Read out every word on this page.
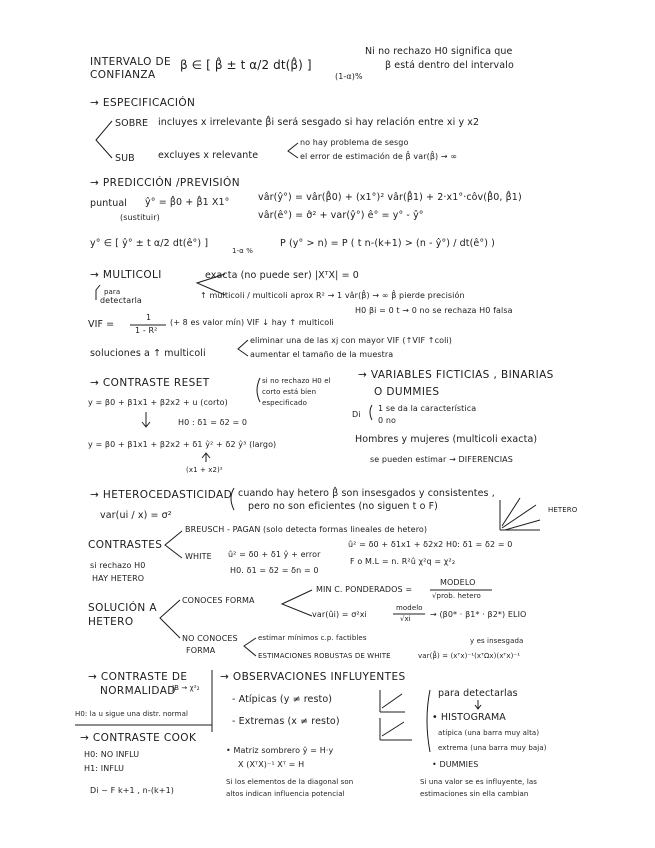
INTERVALO DE
CONFIANZA
β ∈ [ β̂ ± t α/2 dt(β̂) ]
(1-α)%
Ni no rechazo H0 significa que
β está dentro del intervalo
→ ESPECIFICACIÓN
SOBRE incluyes x irrelevante β̂i será sesgado si hay relación entre xi y x2
SUB excluyes x relevante
no hay problema de sesgo
el error de estimación de β̂ var(β̂) → ∞
→ PREDICCIÓN /PREVISIÓN
puntual ŷ° = β̂0 + β̂1 X1°
(sustituir)
vâr(ŷ°) = vâr(β̂0) + (x1°)² vâr(β̂1) + 2·x1°·côv(β̂0, β̂1)
vâr(ê°) = σ̂² + var(ŷ°) ê° = y° - ŷ°
y° ∈ [ ŷ° ± t α/2 dt(ê°) ]
1-α %
P (y° > n) = P ( t n-(k+1) > (n - ŷ°) / dt(ê°) )
→ MULTICOLI	exacta (no puede ser) |XᵀX| = 0
para
detectarla
↑ multicoli / multicoli aprox R² → 1 vâr(β̂) → ∞ β̂ pierde precisión
H0 βi = 0 t → 0 no se rechaza H0 falsa
VIF =
1
1 - R²
(+ 8 es valor mín) VIF ↓ hay ↑ multicoli
soluciones a ↑ multicoli
eliminar una de las xj con mayor VIF (↑VIF ↑coli)
aumentar el tamaño de la muestra
→ CONTRASTE RESET
y = β0 + β1x1 + β2x2 + u (corto)
si no rechazo H0 el
corto está bien
especificado
H0 : δ1 = δ2 = 0
y = β0 + β1x1 + β2x2 + δ1 ŷ² + δ2 ŷ³ (largo)
(x1 + x2)²
→ VARIABLES FICTICIAS , BINARIAS
O DUMMIES
Di
1 se da la característica
0 no
Hombres y mujeres (multicoli exacta)
se pueden estimar → DIFERENCIAS
→ HETEROCEDASTICIDAD cuando hay hetero β̂ son insesgados y consistentes ,
pero no son eficientes (no siguen t o F)
var(ui / x) = σ²	HETERO
CONTRASTES
BREUSCH - PAGAN (solo detecta formas lineales de hetero)
û² = δ0 + δ1x1 + δ2x2 H0: δ1 = δ2 = 0
WHITE û² = δ0 + δ1 ŷ + error
F o M.L = n. R²û χ²q = χ²₂
H0. δ1 = δ2 = δn = 0
si rechazo H0
HAY HETERO
SOLUCIÓN A
HETERO
CONOCES FORMA
MIN C. PONDERADOS =
MODELO
√prob. hetero
var(ûi) = σ²xi
modelo
√xi → (β0* · β1* · β2*) ELIO
NO CONOCES
FORMA
estimar mínimos c.p. factibles
ESTIMACIONES ROBUSTAS DE WHITE	var(β̂) = (xᵀx)⁻¹(xᵀΩx)(xᵀx)⁻¹
y es insesgada
→ CONTRASTE DE
NORMALIDAD
JB → χ²₂
H0: la u sigue una distr. normal
→ CONTRASTE COOK
H0: NO INFLU
H1: INFLU
Di ~ F k+1 , n-(k+1)
→ OBSERVACIONES INFLUYENTES
- Atípicas (y ≠ resto)
- Extremas (x ≠ resto)
para detectarlas
• HISTOGRAMA
atípica (una barra muy alta)
extrema (una barra muy baja)
• DUMMIES
• Matriz sombrero ŷ = H·y
X (XᵀX)⁻¹ Xᵀ = H
Si los elementos de la diagonal son
altos indican influencia potencial
Si una valor se es influyente, las
estimaciones sin ella cambian
